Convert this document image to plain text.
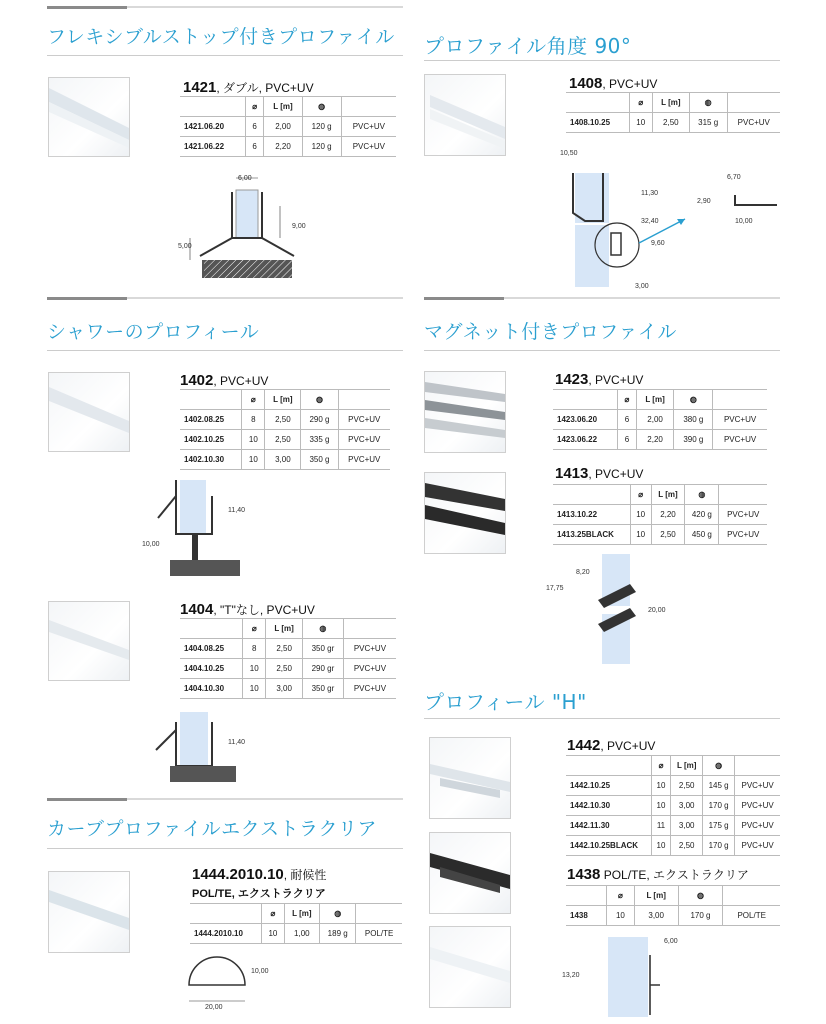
フレキシブルストップ付きプロファイル プロファイル角度 90°
シャワーのプロフィール	マグネット付きプロファイル
カーブプロファイルエクストラクリア
プロフィール "H"
1421, ダブル, PVC+UV	1408, PVC+UV
1402, PVC+UV	1423, PVC+UV
1413, PVC+UV
1404, "T"なし, PVC+UV
1442, PVC+UV
1438 POL/TE, エクストラクリア
1444.2010.10, 耐候性
POL/TE, エクストラクリア
	⌀	L [m]	◍	
1421.06.20	6	2,00	120 g	PVC+UV
1421.06.22	6	2,20	120 g	PVC+UV
	⌀	L [m]	◍	
1408.10.25	10	2,50	315 g	PVC+UV
	⌀	L [m]	◍	
1402.08.25	8	2,50	290 g	PVC+UV
1402.10.25	10	2,50	335 g	PVC+UV
1402.10.30	10	3,00	350 g	PVC+UV
	⌀	L [m]	◍	
1423.06.20	6	2,00	380 g	PVC+UV
1423.06.22	6	2,20	390 g	PVC+UV
	⌀	L [m]	◍	
1413.10.22	10	2,20	420 g	PVC+UV
1413.25BLACK	10	2,50	450 g	PVC+UV
	⌀	L [m]	◍	
1404.08.25	8	2,50	350 gr	PVC+UV
1404.10.25	10	2,50	290 gr	PVC+UV
1404.10.30	10	3,00	350 gr	PVC+UV
	⌀	L [m]	◍	
1442.10.25	10	2,50	145 g	PVC+UV
1442.10.30	10	3,00	170 g	PVC+UV
1442.11.30	11	3,00	175 g	PVC+UV
1442.10.25BLACK	10	2,50	170 g	PVC+UV
	⌀	L [m]	◍	
1438	10	3,00	170 g	POL/TE
	⌀	L [m]	◍	
1444.2010.10	10	1,00	189 g	POL/TE
6,00
9,00
5,00
10,50
11,30
32,40
9,60
3,00
6,70
2,90
10,00
11,40
10,00
11,40
8,20
17,75
20,00
6,00
13,20
10,00
20,00
